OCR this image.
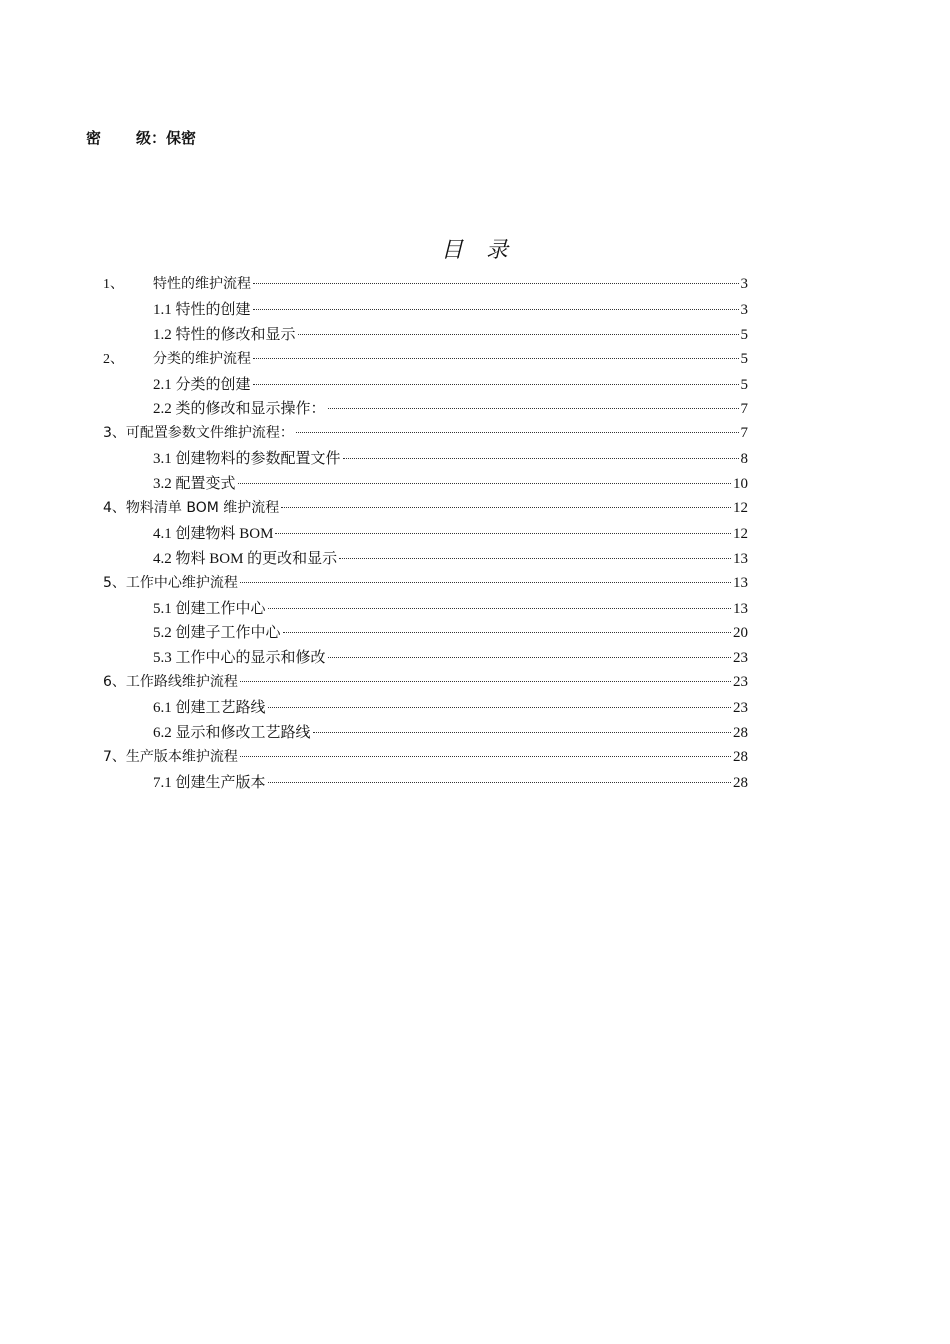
密 级：保密
目 录
1、	特性的维护流程	3
1.1 特性的创建	3
1.2 特性的修改和显示	5
2、	分类的维护流程	5
2.1 分类的创建	5
2.2 类的修改和显示操作：	7
3、 可配置参数文件维护流程：	7
3.1 创建物料的参数配置文件	8
3.2 配置变式	10
4、 物料清单 BOM 维护流程	12
4.1 创建物料 BOM	12
4.2 物料 BOM 的更改和显示	13
5、 工作中心维护流程	13
5.1 创建工作中心	13
5.2 创建子工作中心	20
5.3 工作中心的显示和修改	23
6、 工作路线维护流程	23
6.1 创建工艺路线	23
6.2 显示和修改工艺路线	28
7、 生产版本维护流程	28
7.1 创建生产版本	28
